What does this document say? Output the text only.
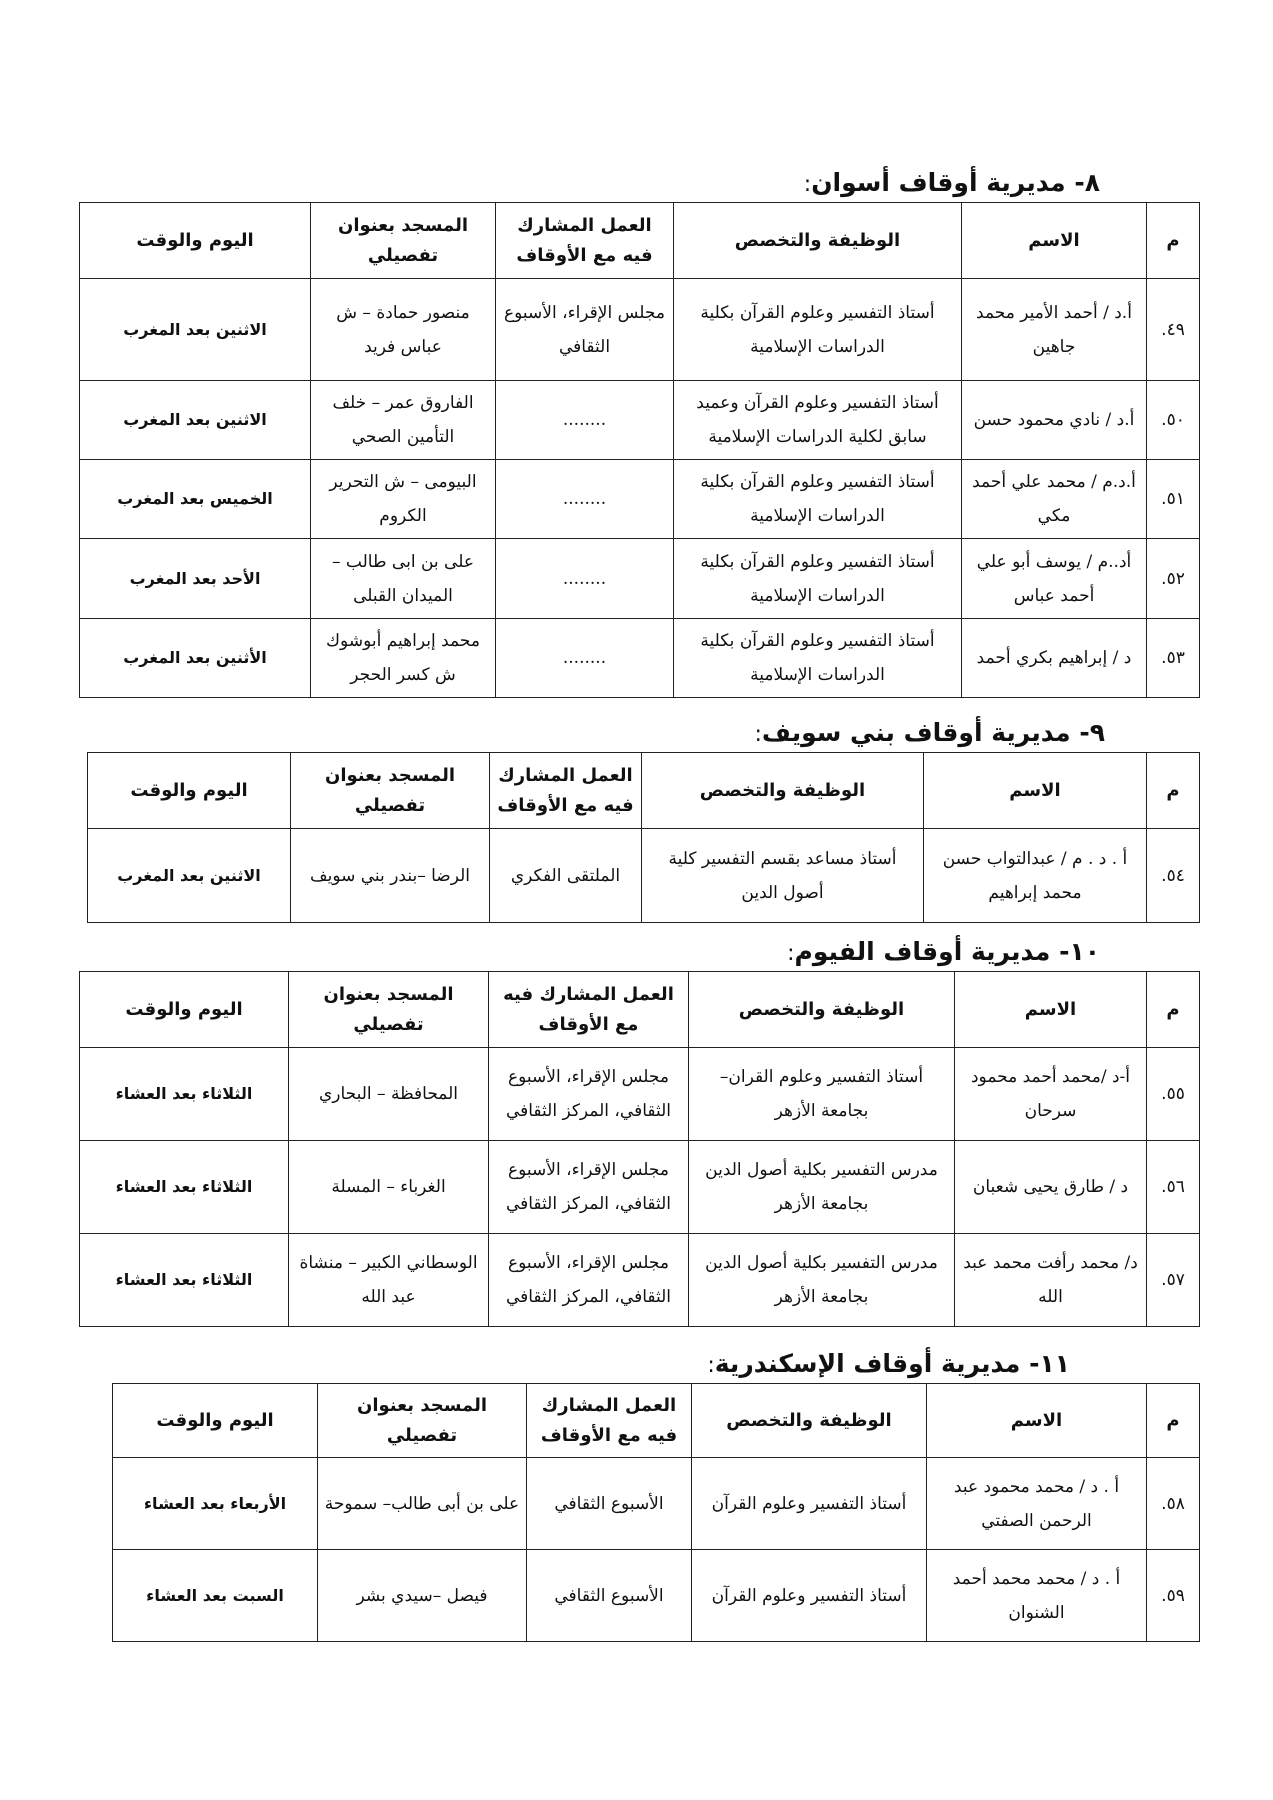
٨- مديرية أوقاف أسوان:
م	الاسم	الوظيفة والتخصص	العمل المشارك فيه مع الأوقاف	المسجد بعنوان تفصيلي	اليوم والوقت
٤٩.	أ.د / أحمد الأمير محمد جاهين	أستاذ التفسير وعلوم القرآن بكلية الدراسات الإسلامية	مجلس الإقراء، الأسبوع الثقافي	منصور حمادة – ش عباس فريد	الاثنين بعد المغرب
٥٠.	أ.د / نادي محمود حسن	أستاذ التفسير وعلوم القرآن وعميد سابق لكلية الدراسات الإسلامية	........	الفاروق عمر – خلف التأمين الصحي	الاثنين بعد المغرب
٥١.	أ.د.م / محمد علي أحمد مكي	أستاذ التفسير وعلوم القرآن بكلية الدراسات الإسلامية	........	البيومى – ش التحرير الكروم	الخميس بعد المغرب
٥٢.	أد..م / يوسف أبو علي أحمد عباس	أستاذ التفسير وعلوم القرآن بكلية الدراسات الإسلامية	........	على بن ابى طالب – الميدان القبلى	الأحد بعد المغرب
٥٣.	د / إبراهيم بكري أحمد	أستاذ التفسير وعلوم القرآن بكلية الدراسات الإسلامية	........	محمد إبراهيم أبوشوك ش كسر الحجر	الأثنين بعد المغرب
٩- مديرية أوقاف بني سويف:
م	الاسم	الوظيفة والتخصص	العمل المشارك فيه مع الأوقاف	المسجد بعنوان تفصيلي	اليوم والوقت
٥٤.	أ . د . م / عبدالتواب حسن محمد إبراهيم	أستاذ مساعد بقسم التفسير كلية أصول الدين	الملتقى الفكري	الرضا –بندر بني سويف	الاثنين بعد المغرب
١٠- مديرية أوقاف الفيوم:
م	الاسم	الوظيفة والتخصص	العمل المشارك فيه مع الأوقاف	المسجد بعنوان تفصيلي	اليوم والوقت
٥٥.	أ-د /محمد أحمد محمود سرحان	أستاذ التفسير وعلوم القران– بجامعة الأزهر	مجلس الإقراء، الأسبوع الثقافي، المركز الثقافي	المحافظة – البحاري	الثلاثاء بعد العشاء
٥٦.	د / طارق يحيى شعبان	مدرس التفسير بكلية أصول الدين بجامعة الأزهر	مجلس الإقراء، الأسبوع الثقافي، المركز الثقافي	الغرباء – المسلة	الثلاثاء بعد العشاء
٥٧.	د/ محمد رأفت محمد عبد الله	مدرس التفسير بكلية أصول الدين بجامعة الأزهر	مجلس الإقراء، الأسبوع الثقافي، المركز الثقافي	الوسطاني الكبير – منشاة عبد الله	الثلاثاء بعد العشاء
١١- مديرية أوقاف الإسكندرية:
م	الاسم	الوظيفة والتخصص	العمل المشارك فيه مع الأوقاف	المسجد بعنوان تفصيلي	اليوم والوقت
٥٨.	أ . د / محمد محمود عبد الرحمن الصفتي	أستاذ التفسير وعلوم القرآن	الأسبوع الثقافي	على بن أبى طالب– سموحة	الأربعاء بعد العشاء
٥٩.	أ . د / محمد محمد أحمد الشنوان	أستاذ التفسير وعلوم القرآن	الأسبوع الثقافي	فيصل –سيدي بشر	السبت بعد العشاء
